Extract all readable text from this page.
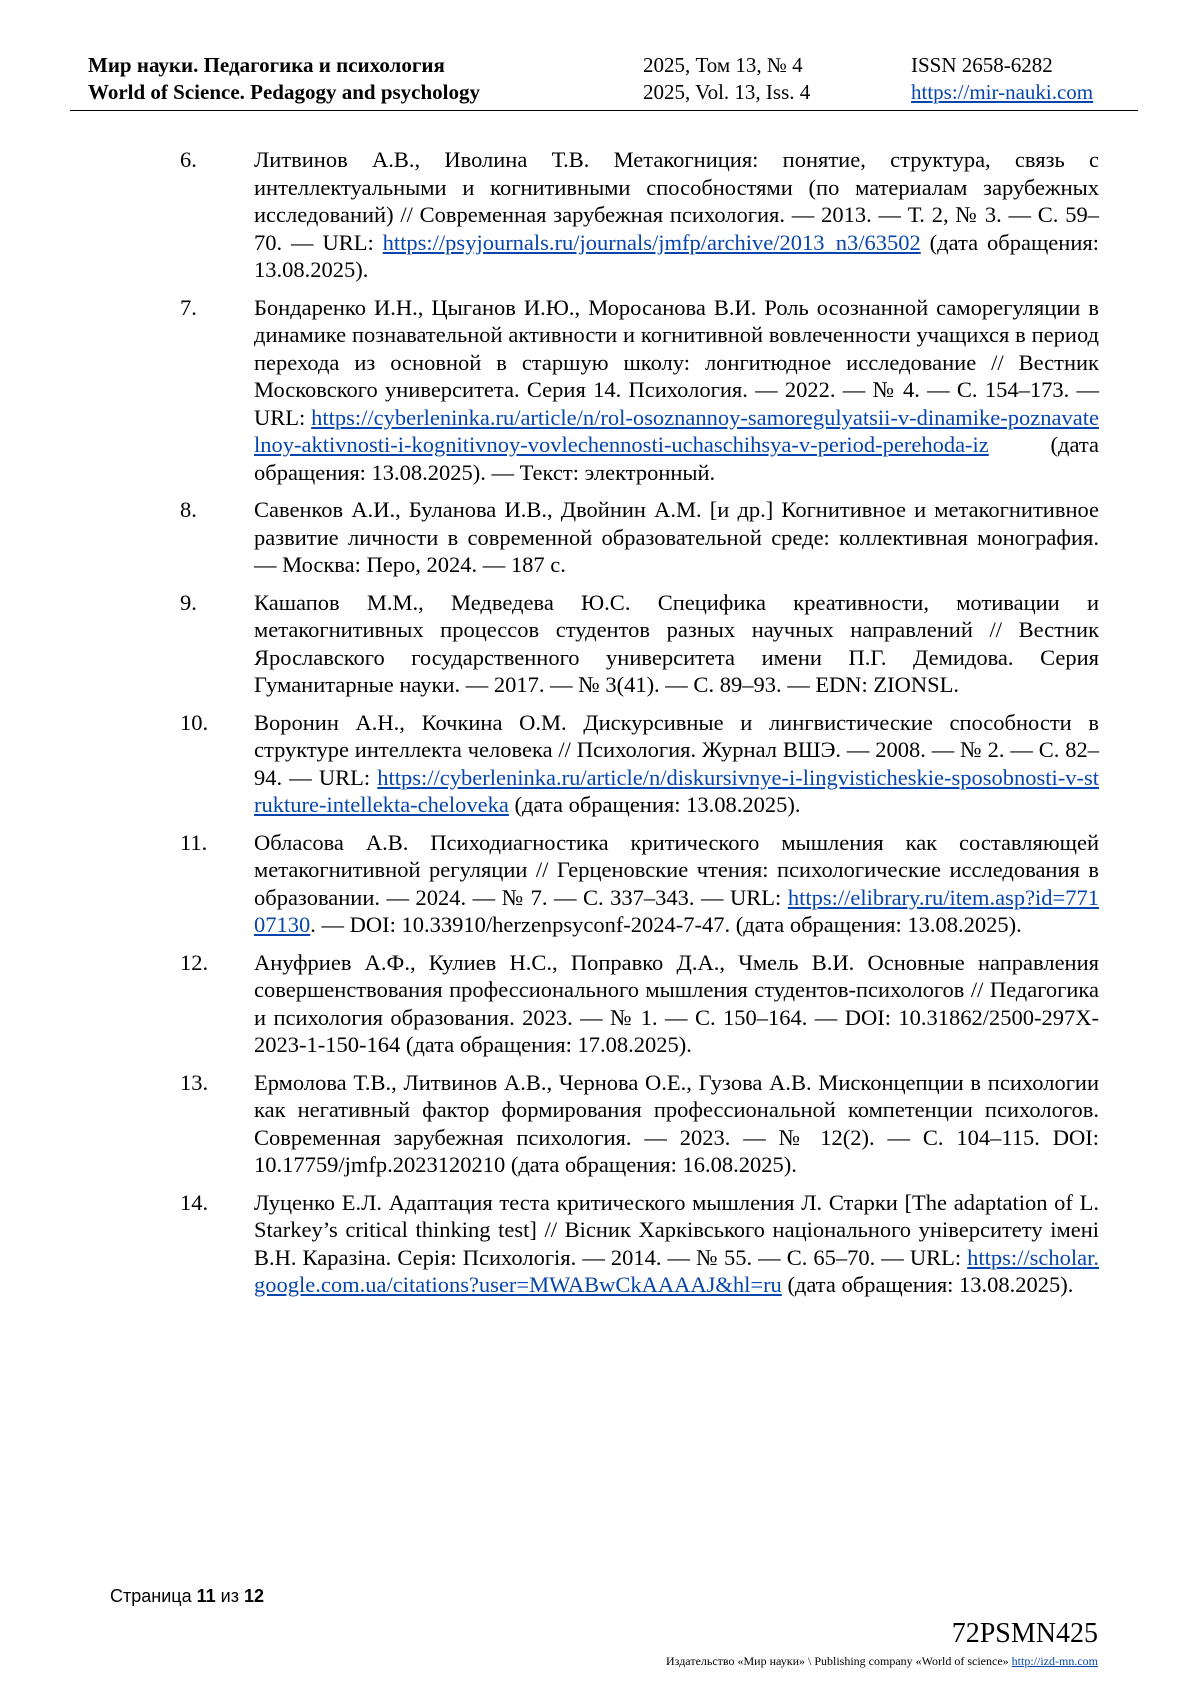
Мир науки. Педагогика и психология
World of Science. Pedagogy and psychology
2025, Том 13, № 4
2025, Vol. 13, Iss. 4
ISSN 2658-6282
https://mir-nauki.com
6.	Литвинов А.В., Иволина Т.В. Метакогниция: понятие, структура, связь с интеллектуальными и когнитивными способностями (по материалам зарубежных исследований) // Современная зарубежная психология. — 2013. — Т. 2, № 3. — С. 59–70. — URL: https://psyjournals.ru/journals/jmfp/archive/2013_n3/63502 (дата обращения: 13.08.2025).
7.	Бондаренко И.Н., Цыганов И.Ю., Моросанова В.И. Роль осознанной саморегуляции в динамике познавательной активности и когнитивной вовлеченности учащихся в период перехода из основной в старшую школу: лонгитюдное исследование // Вестник Московского университета. Серия 14. Психология. — 2022. — № 4. — С. 154–173. — URL: https://cyberleninka.ru/article/n/rol-osoznannoy-samoregulyatsii-v-dinamike-poznavatelnoy-aktivnosti-i-kognitivnoy-vovlechennosti-uchaschihsya-v-period-perehoda-iz (дата обращения: 13.08.2025). — Текст: электронный.
8.	Савенков А.И., Буланова И.В., Двойнин А.М. [и др.] Когнитивное и метакогнитивное развитие личности в современной образовательной среде: коллективная монография. — Москва: Перо, 2024. — 187 с.
9.	Кашапов М.М., Медведева Ю.С. Специфика креативности, мотивации и метакогнитивных процессов студентов разных научных направлений // Вестник Ярославского государственного университета имени П.Г. Демидова. Серия Гуманитарные науки. — 2017. — № 3(41). — С. 89–93. — EDN: ZIONSL.
10. Воронин А.Н., Кочкина О.М. Дискурсивные и лингвистические способности в структуре интеллекта человека // Психология. Журнал ВШЭ. — 2008. — № 2. — С. 82–94. — URL: https://cyberleninka.ru/article/n/diskursivnye-i-lingvisticheskie-sposobnosti-v-strukture-intellekta-cheloveka (дата обращения: 13.08.2025).
11. Обласова А.В. Психодиагностика критического мышления как составляющей метакогнитивной регуляции // Герценовские чтения: психологические исследования в образовании. — 2024. — № 7. — С. 337–343. — URL: https://elibrary.ru/item.asp?id=77107130. — DOI: 10.33910/herzenpsyconf-2024-7-47. (дата обращения: 13.08.2025).
12. Ануфриев А.Ф., Кулиев Н.С., Поправко Д.А., Чмель В.И. Основные направления совершенствования профессионального мышления студентов-психологов // Педагогика и психология образования. 2023. — № 1. — С. 150–164. — DOI: 10.31862/2500-297X-2023-1-150-164 (дата обращения: 17.08.2025).
13. Ермолова Т.В., Литвинов А.В., Чернова О.Е., Гузова А.В. Мисконцепции в психологии как негативный фактор формирования профессиональной компетенции психологов. Современная зарубежная психология. — 2023. — № 12(2). — С. 104–115. DOI: 10.17759/jmfp.2023120210 (дата обращения: 16.08.2025).
14. Луценко Е.Л. Адаптация теста критического мышления Л. Старки [The adaptation of L. Starkey’s critical thinking test] // Вісник Харківського національного університету імені В.Н. Каразіна. Серія: Психологія. — 2014. — № 55. — С. 65–70. — URL: https://scholar.google.com.ua/citations?user=MWABwCkAAAAJ&hl=ru (дата обращения: 13.08.2025).
Страница 11 из 12
72PSMN425
Издательство «Мир науки» \ Publishing company «World of science» http://izd-mn.com
